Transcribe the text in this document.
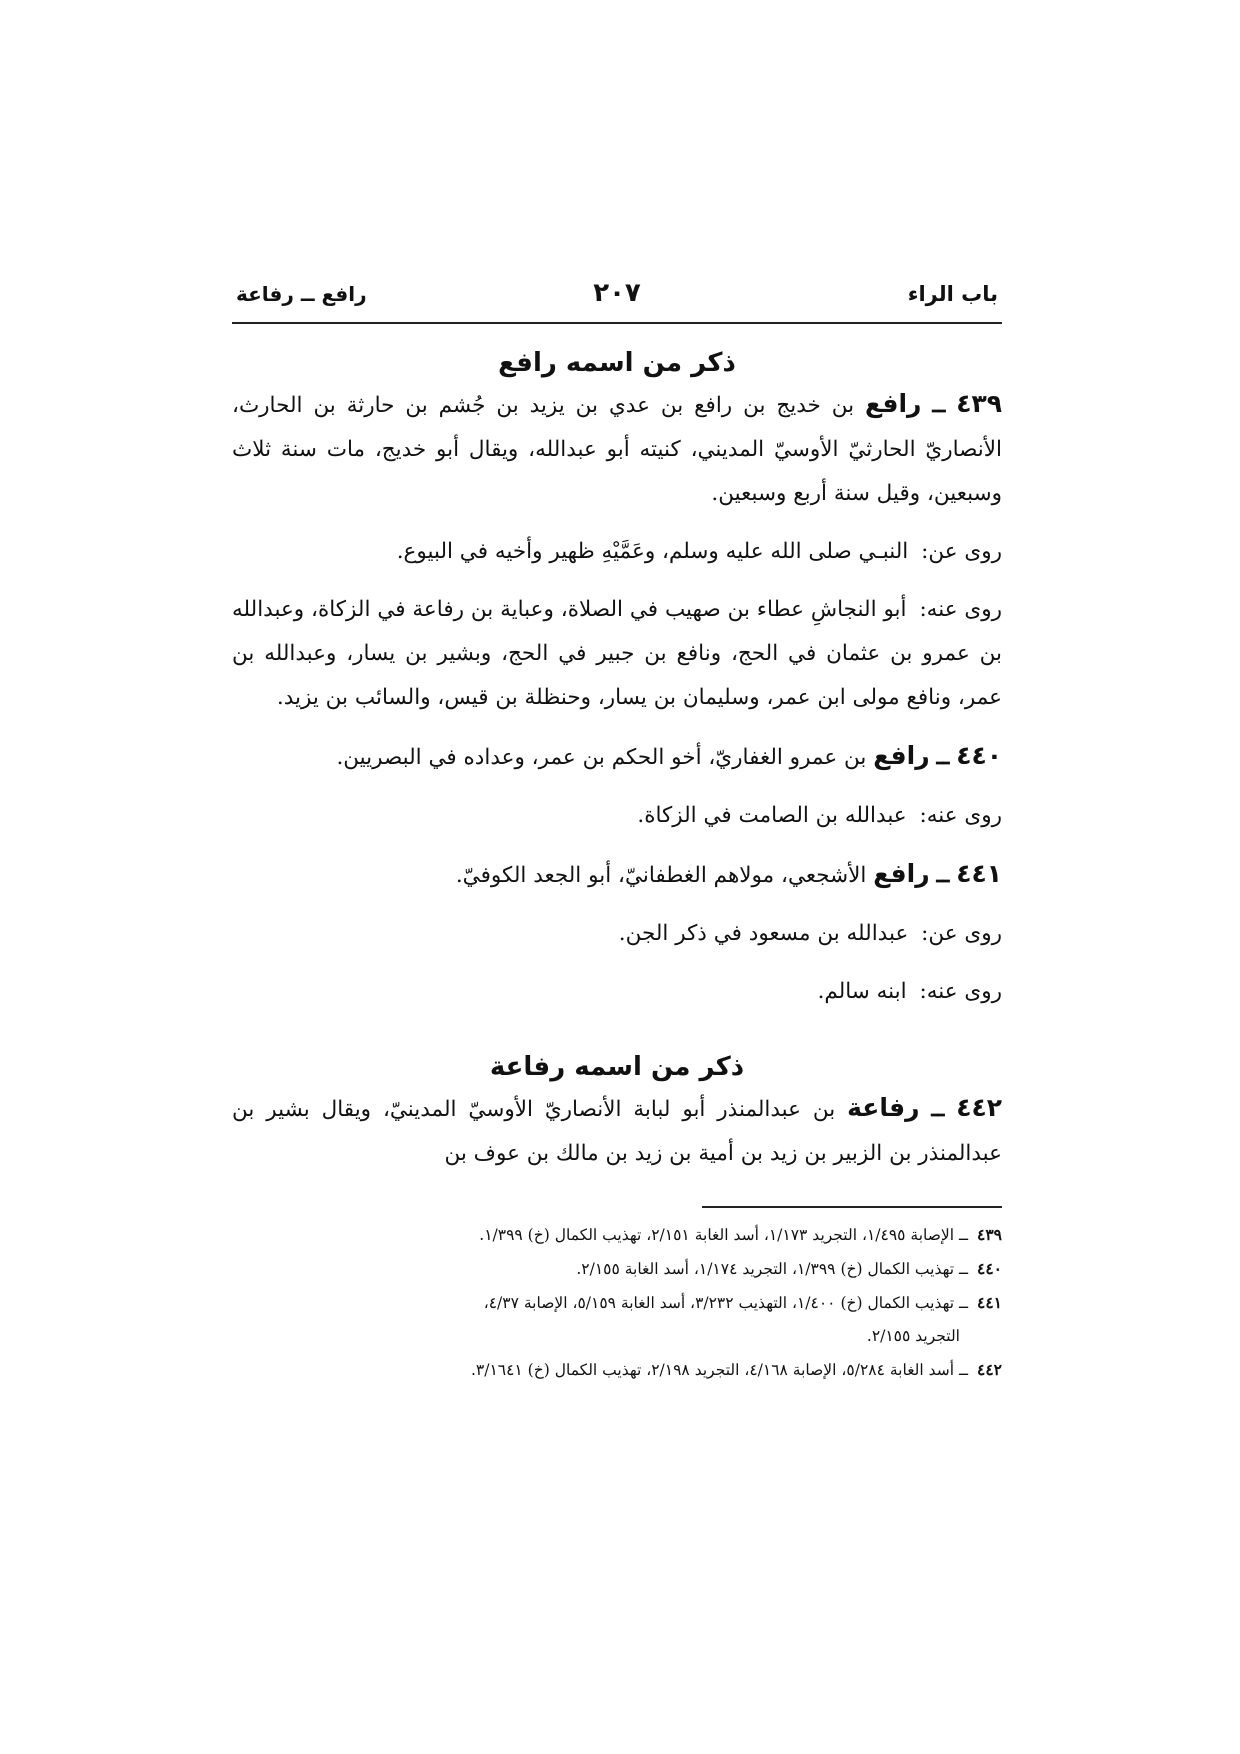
باب الراء
٢٠٧
رافع ــ رفاعة
ذكر من اسمه رافع

٤٣٩ ــ رافع بن خديج بن رافع بن عدي بن يزيد بن جُشم بن حارثة بن الحارث، الأنصاريّ الحارثيّ الأوسيّ المديني، كنيته أبو عبدالله، ويقال أبو خديج، مات سنة ثلاث وسبعين، وقيل سنة أربع وسبعين.

روى عن: النبـي صلى الله عليه وسلم، وعَمَّيْهِ ظهير وأخيه في البيوع.

روى عنه: أبو النجاشِ عطاء بن صهيب في الصلاة، وعباية بن رفاعة في الزكاة، وعبدالله بن عمرو بن عثمان في الحج، ونافع بن جبير في الحج، وبشير بن يسار، وعبدالله بن عمر، ونافع مولى ابن عمر، وسليمان بن يسار، وحنظلة بن قيس، والسائب بن يزيد.

٤٤٠ ــ رافع بن عمرو الغفاريّ، أخو الحكم بن عمر، وعداده في البصريين.

روى عنه: عبدالله بن الصامت في الزكاة.

٤٤١ ــ رافع الأشجعي، مولاهم الغطفانيّ، أبو الجعد الكوفيّ.

روى عن: عبدالله بن مسعود في ذكر الجن.

روى عنه: ابنه سالم.

ذكر من اسمه رفاعة

٤٤٢ ــ رفاعة بن عبدالمنذر أبو لبابة الأنصاريّ الأوسيّ المدينيّ، ويقال بشير بن عبدالمنذر بن الزبير بن زيد بن أمية بن زيد بن مالك بن عوف بن

٤٣٩ ــ الإصابة ١/٤٩٥، التجريد ١/١٧٣، أسد الغابة ٢/١٥١، تهذيب الكمال (خ) ١/٣٩٩.
٤٤٠ ــ تهذيب الكمال (خ) ١/٣٩٩، التجريد ١/١٧٤، أسد الغابة ٢/١٥٥.
٤٤١ ــ تهذيب الكمال (خ) ١/٤٠٠، التهذيب ٣/٢٣٢، أسد الغابة ٥/١٥٩، الإصابة ٤/٣٧،
التجريد ٢/١٥٥.
٤٤٢ ــ أسد الغابة ٥/٢٨٤، الإصابة ٤/١٦٨، التجريد ٢/١٩٨، تهذيب الكمال (خ) ٣/١٦٤١.
